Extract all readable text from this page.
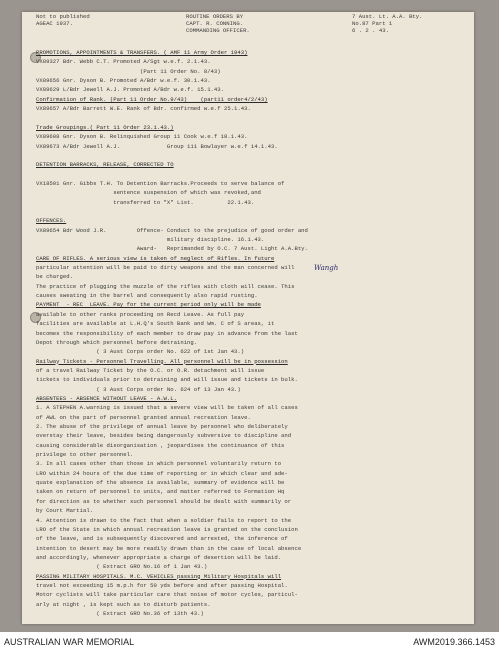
Not to published
AGEAC 1937.
ROUTINE ORDERS BY
CAPT. R. CONNING.
COMMANDING OFFICER.
7 Aust. Lt. A.A. Bty.
No.87 Part 1
6 . 2 . 43.
PROMOTIONS, APPOINTMENTS & TRANSFERS. ( AMF 11 Army Order 1943)
VX89327 Bdr. Webb C.T. Promoted A/Sgt w.e.f. 2.1.43.
(Part 11 Order No. 8/43)
VX89656 Gnr. Dyson B. Promoted A/Bdr w.e.f. 30.1.43.
VX89629 L/Bdr Jewell A.J. Promoted A/Bdr w.e.f. 15.1.43.
Confirmation of Rank. (Part 11 Order No.9/43)    (part11 order4/2/43)
VX89657 A/Bdr Barrett W.E. Rank of Bdr. confirmed w.e.f 25.1.43.
Trade Groupings.( Part 11 Order 23.1.43.)
VX89608 Gnr. Dyson B. Relinquished Group 11 Cook w.e.f 18.1.43.
VX89673 A/Bdr Jewell A.J.              Group 111 Bowlayer w.e.f 14.1.43.
DETENTION BARRACKS, RELEASE, CORRECTED TO
VX18501 Gnr. Gibbs T.H. To Detention Barracks.Proceeds to serve balance of
sentence suspension of which was revoked,and
transferred to "X" List.          22.1.43.
OFFENCES.
VX89654 Bdr Wood J.R.         Offence- Conduct to the prejudice of good order and
military discipline. 16.1.43.
Award-   Reprimanded by O.C. 7 Aust. Light A.A.Bty.
CARE OF RIFLES. A serious view is taken of neglect of Rifles. In future
particular attention will be paid to dirty weapons and the man concerned will
be charged.
The practice of plugging the muzzle of the rifles with cloth will cease. This
causes sweating in the barrel and consequently also rapid rusting.
PAYMENT  - REC  LEAVE. Pay for the current period only will be made
available to other ranks proceeding on Recd Leave. As full pay
facilities are available at L.H.Q's South Bank and Wm. C of S areas, it
becomes the responsibility of each member to draw pay in advance from the last
Depot through which personnel before detraining.
( 3 Aust Corps order No. 622 of 1st Jan 43.)
Railway Tickets - Personnel Travelling. All personnel will be in possession
of a travel Railway Ticket by the O.C. or O.R. detachment will issue
tickets to individuals prior to detraining and will issue and tickets in bulk.
( 3 Aust Corps order No. 624 of 13 Jan 43.)
ABSENTEES - ABSENCE WITHOUT LEAVE - A.W.L.
1. A STEPHEN A.warning is issued that a severe view will be taken of all cases
of AWL on the part of personnel granted annual recreation leave.
2. The abuse of the privilege of annual leave by personnel who deliberately
overstay their leave, besides being dangerously subversive to discipline and
causing considerable disorganisation , jeopardises the continuance of this
privilege to other personnel.
3. In all cases other than those in which personnel voluntarily return to
LRO within 24 hours of the due time of reporting or in which clear and ade-
quate explanation of the absence is available, summary of evidence will be
taken on return of personnel to units, and matter referred to Formation Hq
for direction as to whether such personnel should be dealt with summarily or
by Court Martial.
4. Attention is drawn to the fact that when a soldier fails to report to the
LRO of the State in which annual recreation leave is granted on the conclusion
of the leave, and is subsequently discovered and arrested, the inference of
intention to desert may be more readily drawn than in the case of local absence
and accordingly, whenever appropriate a charge of desertion will be laid.
( Extract GRO No.16 of 1 Jan 43.)
PASSING MILITARY HOSPITALS. M.C. VEHICLES passing Military Hospitals will
travel not exceeding 15 m.p.h for 50 yds before and after passing Hospital.
Motor cyclists will take particular care that noise of motor cycles, particul-
arly at night , is kept such as to disturb patients.
( Extract GRO No.36 of 13th 43.)
Wangh
AUSTRALIAN WAR MEMORIAL	AWM2019.366.1453
